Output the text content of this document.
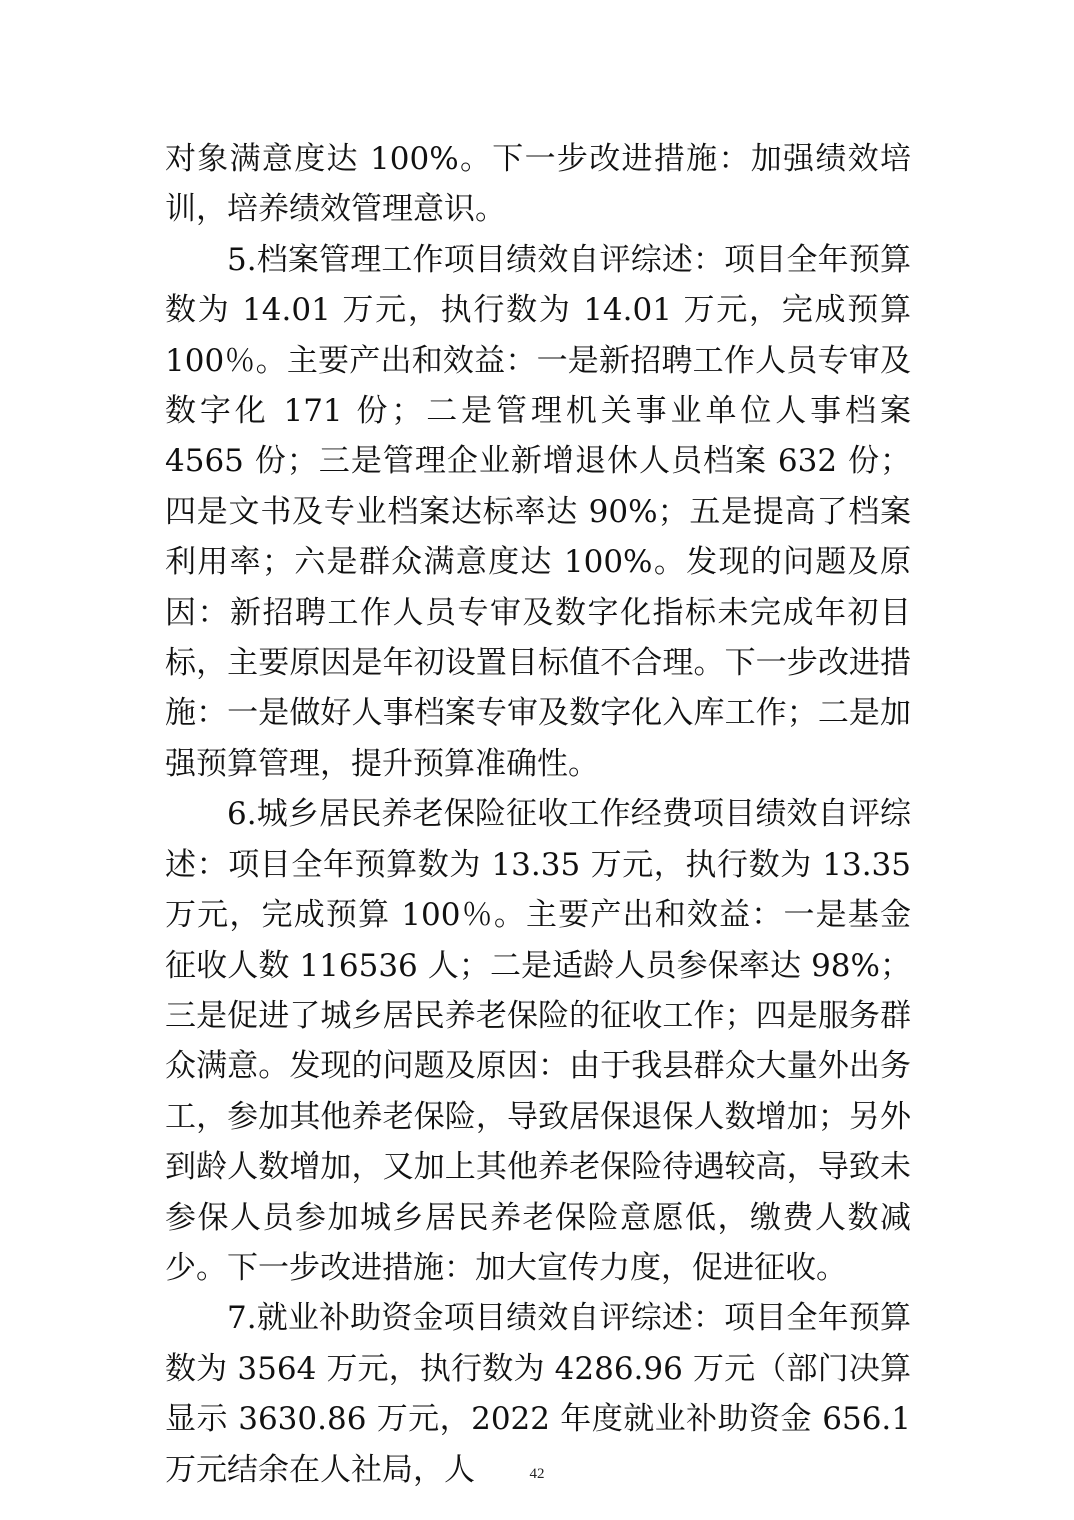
对象满意度达 100%。下一步改进措施：加强绩效培训，培养绩效管理意识。

5.档案管理工作项目绩效自评综述：项目全年预算数为 14.01 万元，执行数为 14.01 万元，完成预算 100％。主要产出和效益：一是新招聘工作人员专审及数字化 171 份；二是管理机关事业单位人事档案 4565 份；三是管理企业新增退休人员档案 632 份；四是文书及专业档案达标率达 90%；五是提高了档案利用率；六是群众满意度达 100%。发现的问题及原因：新招聘工作人员专审及数字化指标未完成年初目标，主要原因是年初设置目标值不合理。下一步改进措施：一是做好人事档案专审及数字化入库工作；二是加强预算管理，提升预算准确性。

6.城乡居民养老保险征收工作经费项目绩效自评综述：项目全年预算数为 13.35 万元，执行数为 13.35 万元，完成预算 100％。主要产出和效益：一是基金征收人数 116536 人；二是适龄人员参保率达 98%；三是促进了城乡居民养老保险的征收工作；四是服务群众满意。发现的问题及原因：由于我县群众大量外出务工，参加其他养老保险，导致居保退保人数增加；另外到龄人数增加，又加上其他养老保险待遇较高，导致未参保人员参加城乡居民养老保险意愿低，缴费人数减少。下一步改进措施：加大宣传力度，促进征收。

7.就业补助资金项目绩效自评综述：项目全年预算数为 3564 万元，执行数为 4286.96 万元（部门决算显示 3630.86 万元，2022 年度就业补助资金 656.1 万元结余在人社局，人	42
